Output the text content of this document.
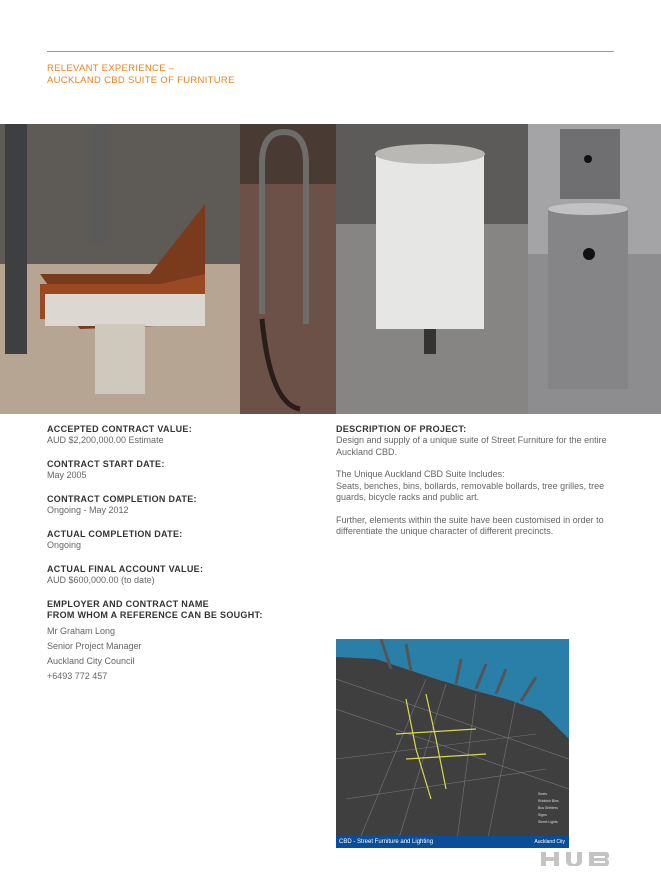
RELEVANT EXPERIENCE –
AUCKLAND CBD SUITE OF FURNITURE
ACCEPTED CONTRACT VALUE:
AUD $2,200,000.00 Estimate
CONTRACT START DATE:
May 2005
CONTRACT COMPLETION DATE:
Ongoing - May 2012
ACTUAL COMPLETION DATE:
Ongoing
ACTUAL FINAL ACCOUNT VALUE:
AUD $600,000.00 (to date)
EMPLOYER AND CONTRACT NAME
FROM WHOM A REFERENCE CAN BE SOUGHT:
Mr Graham Long
Senior Project Manager
Auckland City Council
+6493 772 457
DESCRIPTION OF PROJECT:
Design and supply of a unique suite of Street Furniture for the entire Auckland CBD.
The Unique Auckland CBD Suite Includes:
Seats, benches, bins, bollards, removable bollards, tree grilles, tree guards, bicycle racks and public art.
Further, elements within the suite have been customised in order to differentiate the unique character of different precincts.
Seats
Rubbish Bins
Bus Shelters
Signs
Street Lights
CBD - Street Furniture and Lighting	Auckland City
HUB
